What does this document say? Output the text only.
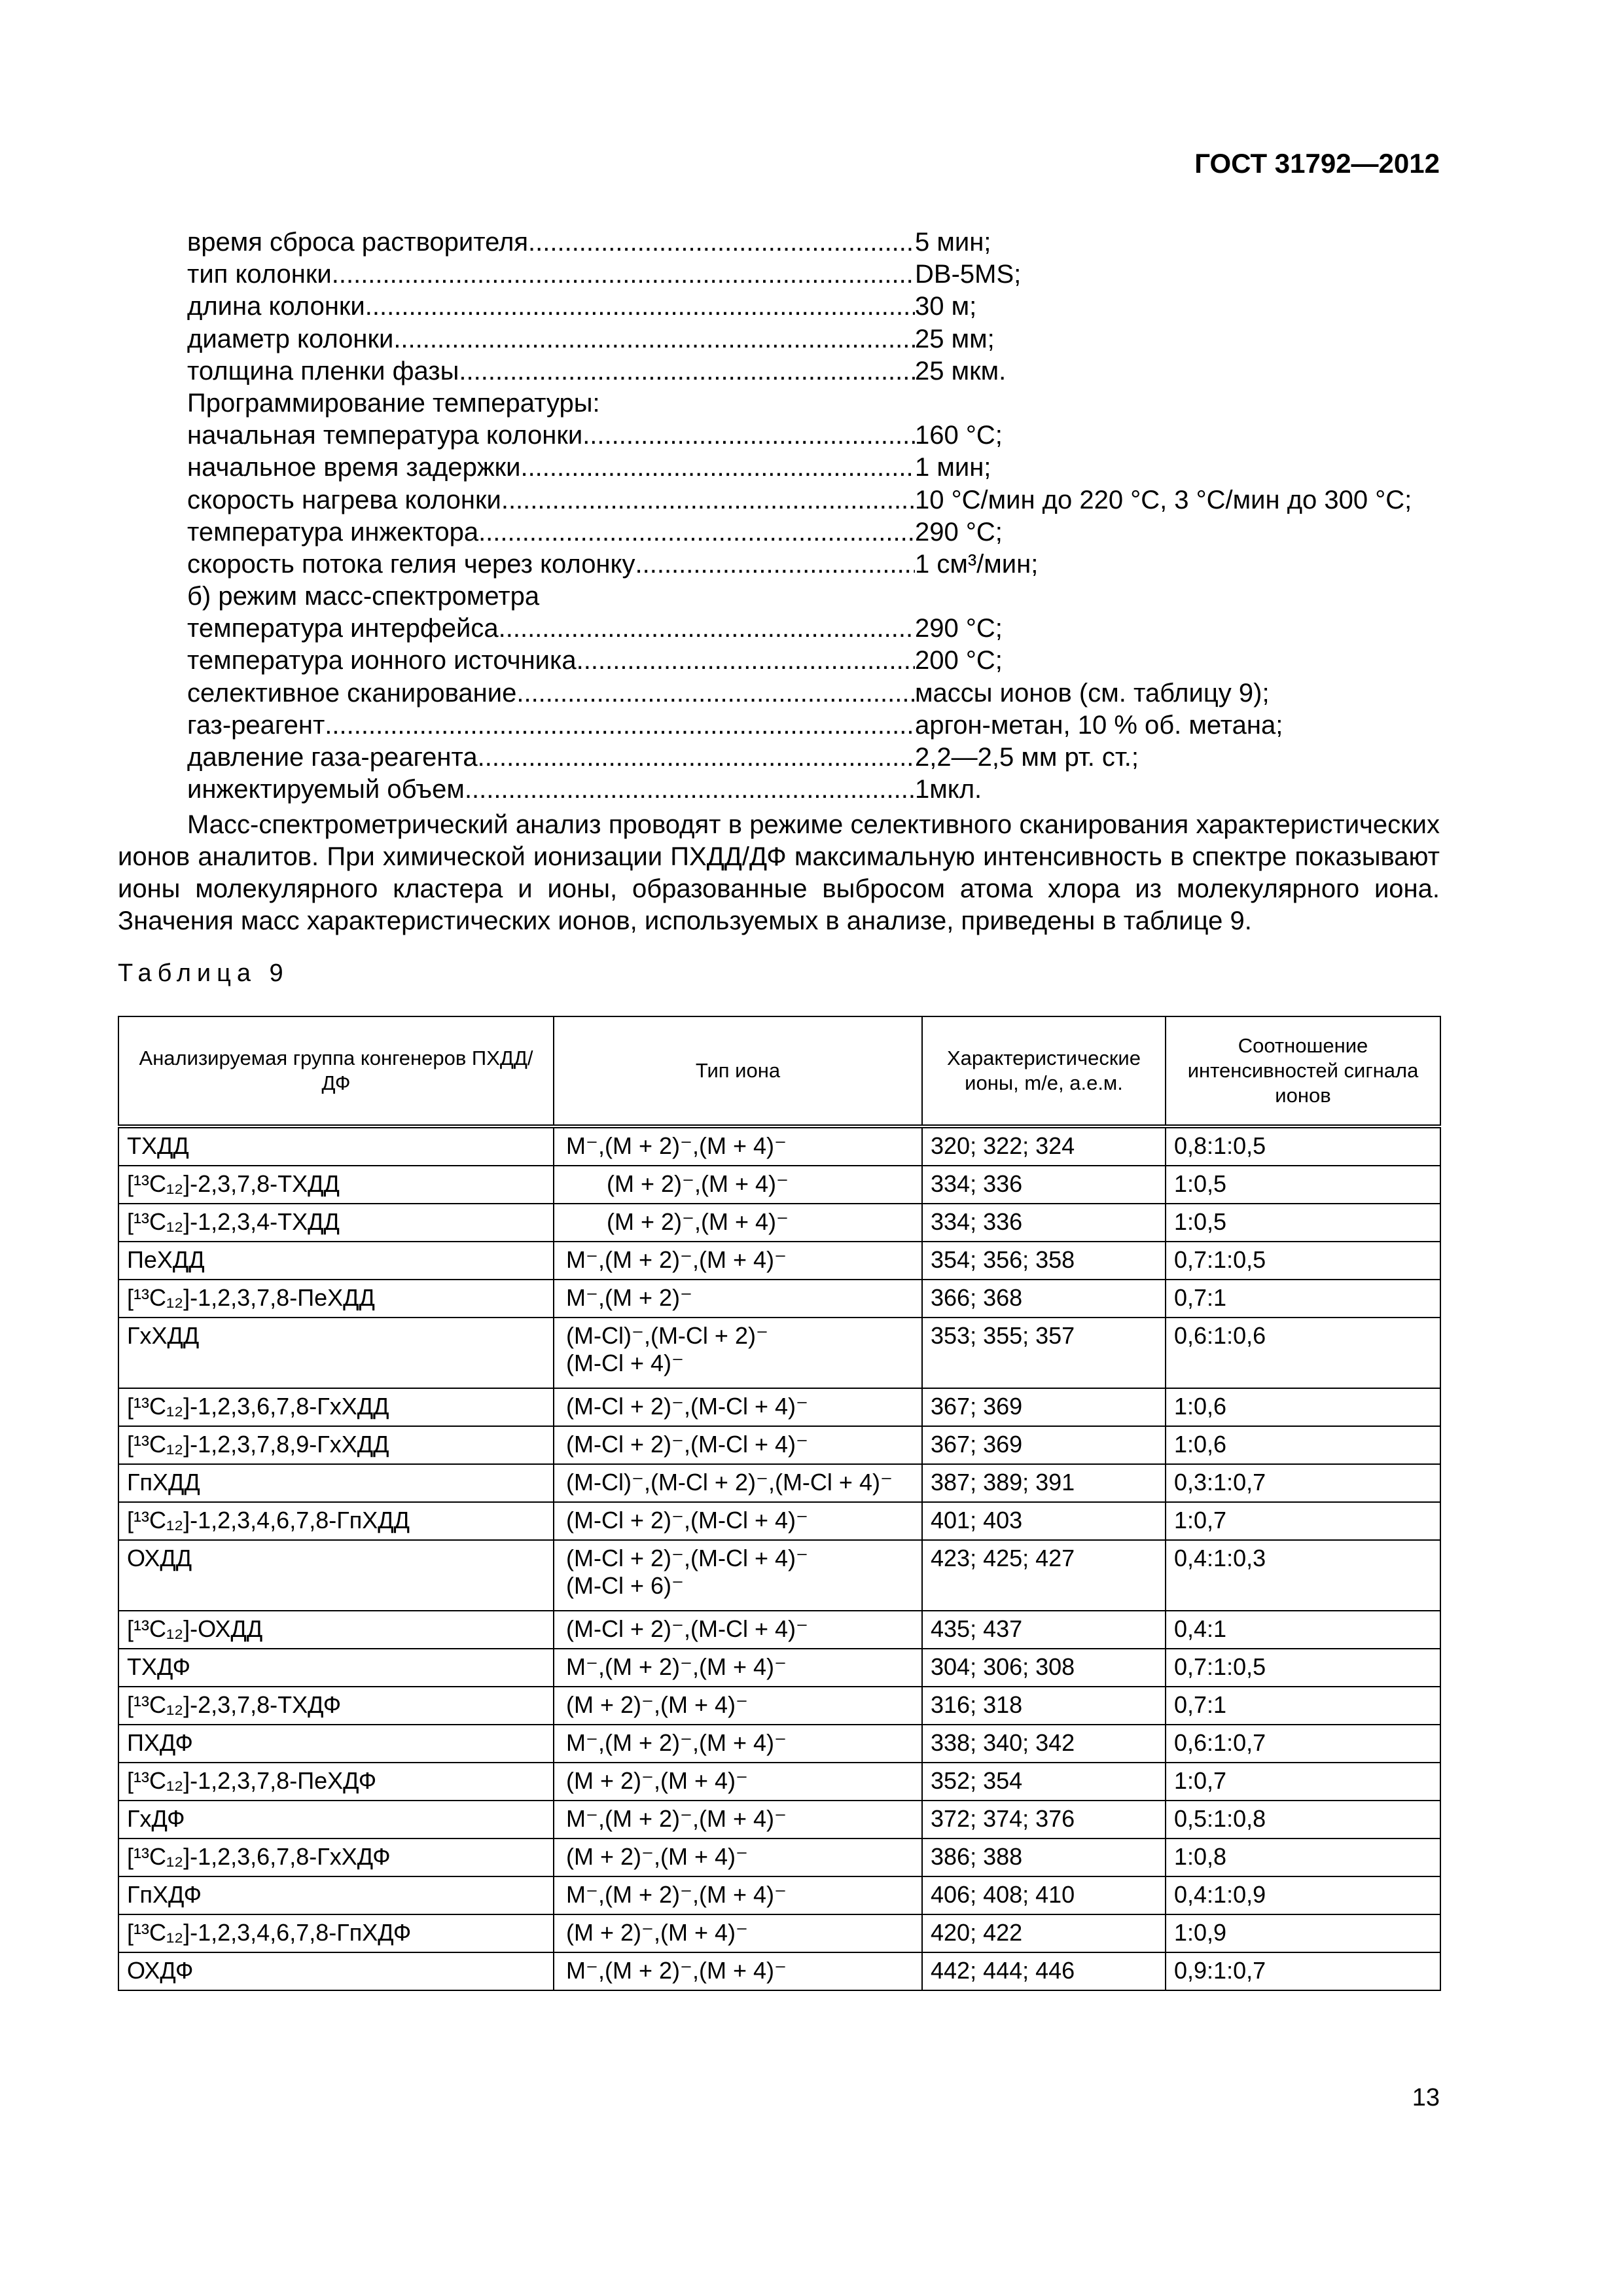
ГОСТ 31792—2012
время сброса растворителя .....	5 мин;
тип колонки .....	DB-5MS;
длина колонки .....	30 м;
диаметр колонки .....	25 мм;
толщина пленки фазы .....	25 мкм.
Программирование температуры:
начальная температура колонки .....	160 °С;
начальное время задержки .....	1 мин;
скорость нагрева колонки .....	10 °С/мин до 220 °С, 3 °С/мин до 300 °С;
температура инжектора .....	290 °С;
скорость потока гелия через колонку .....	1 см³/мин;
б) режим масс-спектрометра
температура интерфейса .....	290 °С;
температура ионного источника .....	200 °С;
селективное сканирование .....	массы ионов (см. таблицу 9);
газ-реагент .....	аргон-метан, 10 % об. метана;
давление газа-реагента .....	2,2—2,5 мм рт. ст.;
инжектируемый объем .....	1мкл.
Масс-спектрометрический анализ проводят в режиме селективного сканирования характеристических ионов аналитов. При химической ионизации ПХДД/ДФ максимальную интенсивность в спектре показывают ионы молекулярного кластера и ионы, образованные выбросом атома хлора из молекулярного иона. Значения масс характеристических ионов, используемых в анализе, приведены в таблице 9.
Таблица 9
Анализируемая группа конгенеров ПХДД/ДФ	Тип иона	Характеристические ионы, m/e, а.е.м.	Соотношение интенсивностей сигнала ионов

ТХДД	M⁻,(M + 2)⁻,(M + 4)⁻	320; 322; 324	0,8:1:0,5

[¹³C₁₂]-2,3,7,8-ТХДД	(M + 2)⁻,(M + 4)⁻	334; 336	1:0,5

[¹³C₁₂]-1,2,3,4-ТХДД	(M + 2)⁻,(M + 4)⁻	334; 336	1:0,5

ПеХДД	M⁻,(M + 2)⁻,(M + 4)⁻	354; 356; 358	0,7:1:0,5

[¹³C₁₂]-1,2,3,7,8-ПеХДД	M⁻,(M + 2)⁻	366; 368	0,7:1

ГхХДД	(M-Cl)⁻,(M-Cl + 2)⁻
(M-Cl + 4)⁻	353; 355; 357	0,6:1:0,6

[¹³C₁₂]-1,2,3,6,7,8-ГхХДД	(M-Cl + 2)⁻,(M-Cl + 4)⁻	367; 369	1:0,6

[¹³C₁₂]-1,2,3,7,8,9-ГхХДД	(M-Cl + 2)⁻,(M-Cl + 4)⁻	367; 369	1:0,6

ГпХДД	(M-Cl)⁻,(M-Cl + 2)⁻,(M-Cl + 4)⁻	387; 389; 391	0,3:1:0,7

[¹³C₁₂]-1,2,3,4,6,7,8-ГпХДД	(M-Cl + 2)⁻,(M-Cl + 4)⁻	401; 403	1:0,7

ОХДД	(M-Cl + 2)⁻,(M-Cl + 4)⁻
(M-Cl + 6)⁻	423; 425; 427	0,4:1:0,3

[¹³C₁₂]-ОХДД	(M-Cl + 2)⁻,(M-Cl + 4)⁻	435; 437	0,4:1

ТХДФ	M⁻,(M + 2)⁻,(M + 4)⁻	304; 306; 308	0,7:1:0,5

[¹³C₁₂]-2,3,7,8-ТХДФ	(M + 2)⁻,(M + 4)⁻	316; 318	0,7:1

ПХДФ	M⁻,(M + 2)⁻,(M + 4)⁻	338; 340; 342	0,6:1:0,7

[¹³C₁₂]-1,2,3,7,8-ПеХДФ	(M + 2)⁻,(M + 4)⁻	352; 354	1:0,7

ГхДФ	M⁻,(M + 2)⁻,(M + 4)⁻	372; 374; 376	0,5:1:0,8

[¹³C₁₂]-1,2,3,6,7,8-ГхХДФ	(M + 2)⁻,(M + 4)⁻	386; 388	1:0,8

ГпХДФ	M⁻,(M + 2)⁻,(M + 4)⁻	406; 408; 410	0,4:1:0,9

[¹³C₁₂]-1,2,3,4,6,7,8-ГпХДФ	(M + 2)⁻,(M + 4)⁻	420; 422	1:0,9

ОХДФ	M⁻,(M + 2)⁻,(M + 4)⁻	442; 444; 446	0,9:1:0,7
13
